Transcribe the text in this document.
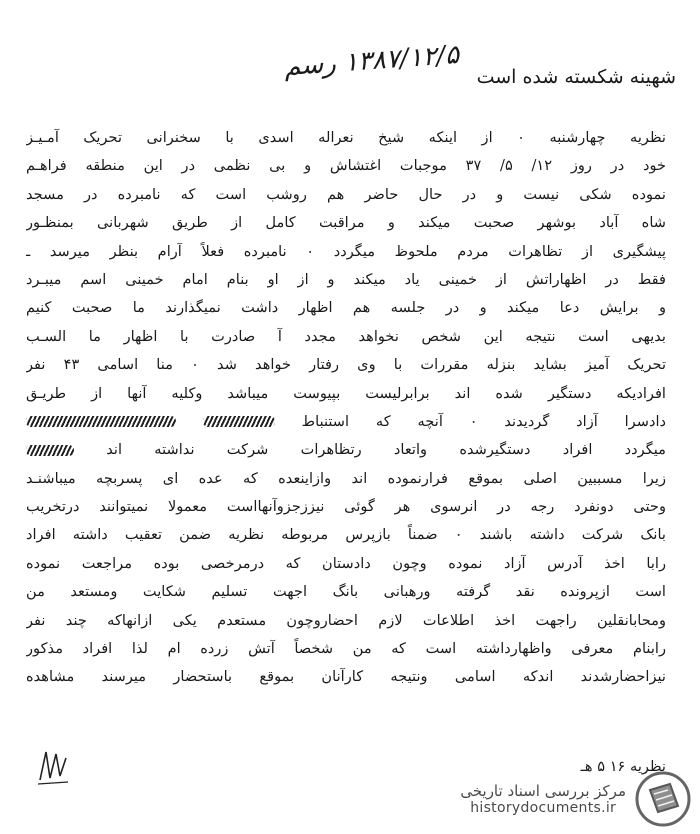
شهینه شکسته شده است ۱۳۸۷/۱۲/۵ رسم
نظریه چهارشنبه ۰ از اینکه شیخ نعراله اسدی با سخنرانی تحریک آمـیـز
خود در روز ۱۲/ ۵/ ۳۷ موجبات اغتشاش و بی نظمی در این منطقه فراهـم
نموده شکی نیست و در حال حاضر هم روشب است که نامبرده در مسجد
شاه آباد بوشهر صحبت میکند و مراقبت کامل از طریق شهربانی بمنظـور
پیشگیری از تظاهرات مردم ملحوظ میگردد ۰ نامبرده فعلاً آرام بنظر میرسد ـ
فقط در اظهاراتش از خمینی یاد میکند و از او بنام امام خمینی اسم میبـرد
و برایش دعا میکند و در جلسه هم اظهار داشت نمیگذارند ما صحبت کنیم
بدیهی است نتیجه این شخص نخواهد مجدد آ صادرت با اظهار ما السـب
تحریک آمیز بشاید بنزله مقررات با وی رفتار خواهد شد ۰ منا اسامی ۴۳ نفر
افرادیکه دستگیر شده اند برابرلیست بپیوست میباشد وکلیه آنها از طریـق
دادسرا آزاد گردیدند ۰ آنچه که استنباط
میگردد افراد دستگیرشده واتعاد رتظاهرات شرکت نداشته اند
زیرا مسببین اصلی بموقع فرارنموده اند وازاینعده که عده ای پسربچه میباشنـد
وحتی دونفرد رجه در انرسوی هر گوئی نیززجزوآنهااست معمولا نمیتوانند درتخریب
بانک شرکت داشته باشند ۰ ضمناً بازپرس مربوطه نظریه ضمن تعقیب داشته افراد
رابا اخذ آدرس آزاد نموده وچون دادستان که درمرخصی بوده مراجعت نموده
است ازپرونده نقد گرفته ورهبانی بانگ اجهت تسلیم شکایت ومستعد من
ومحابانقلین راجهت اخذ اطلاعات لازم احضاروچون مستعدم یکی ازانهاکه چند نفر
رابنام معرفی واظهارداشته است که من شخصاً آتش زرده ام لذا افراد مذکور
نیزاحضارشدند اندکه اسامی ونتیجه کارآنان بموقع باستحضار میرسند مشاهده
نظریه ۱۶ ۵ هـ
مرکز بررسی اسناد تاریخی
historydocuments.ir
